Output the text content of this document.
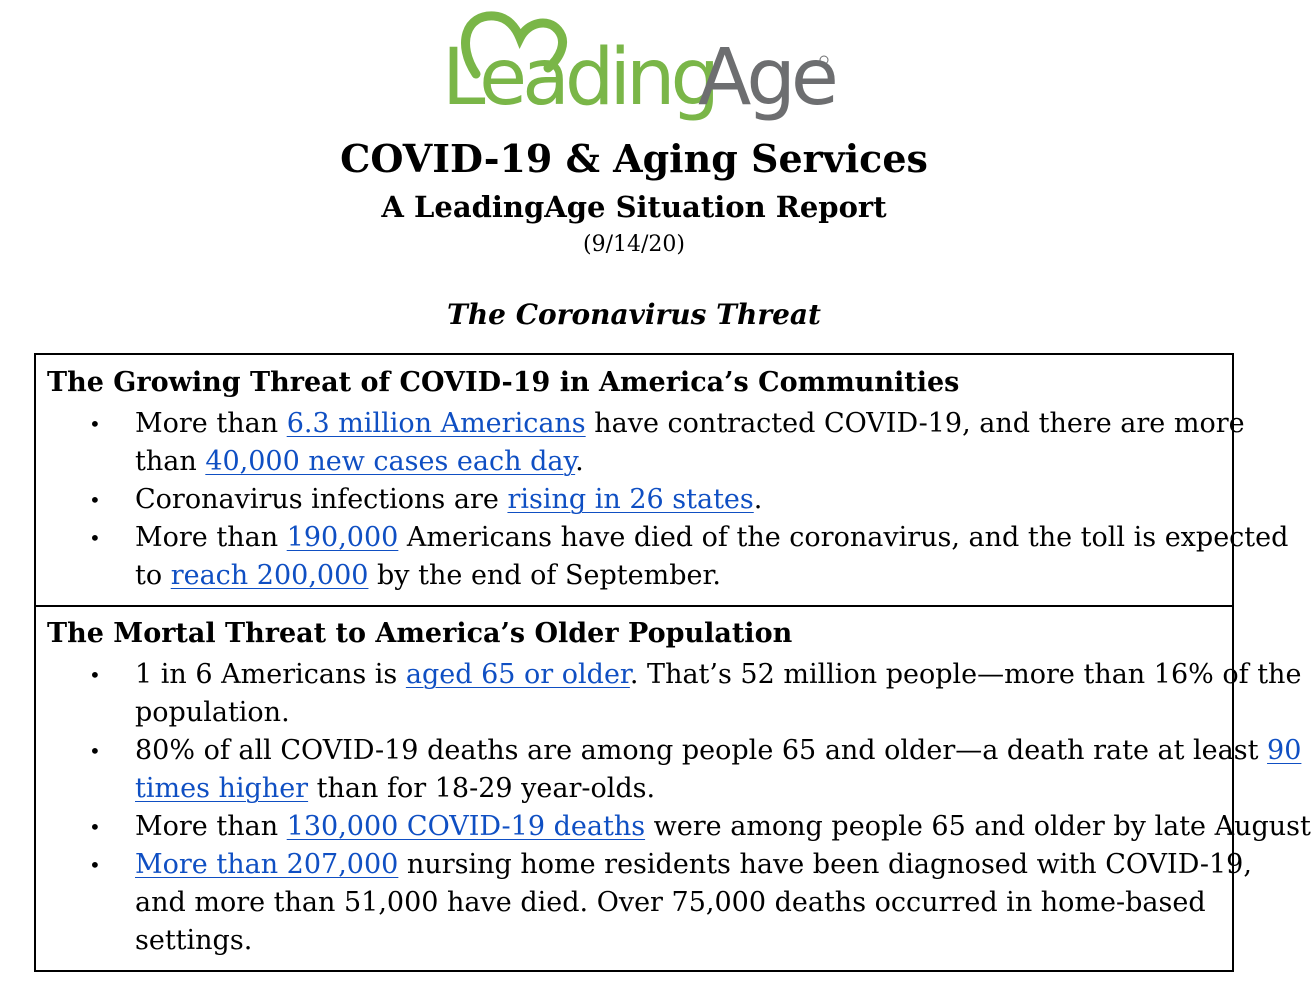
Leading
Age
COVID-19 & Aging Services
A LeadingAge Situation Report
(9/14/20)
The Coronavirus Threat
The Growing Threat of COVID-19 in America’s Communities
• More than 6.3 million Americans have contracted COVID-19, and there are more
than 40,000 new cases each day.
• Coronavirus infections are rising in 26 states.
• More than 190,000 Americans have died of the coronavirus, and the toll is expected
to reach 200,000 by the end of September.
The Mortal Threat to America’s Older Population
• 1 in 6 Americans is aged 65 or older. That’s 52 million people—more than 16% of the
population.
• 80% of all COVID-19 deaths are among people 65 and older—a death rate at least 90
times higher than for 18-29 year-olds.
• More than 130,000 COVID-19 deaths were among people 65 and older by late August
• More than 207,000 nursing home residents have been diagnosed with COVID-19,
and more than 51,000 have died. Over 75,000 deaths occurred in home-based
settings.
